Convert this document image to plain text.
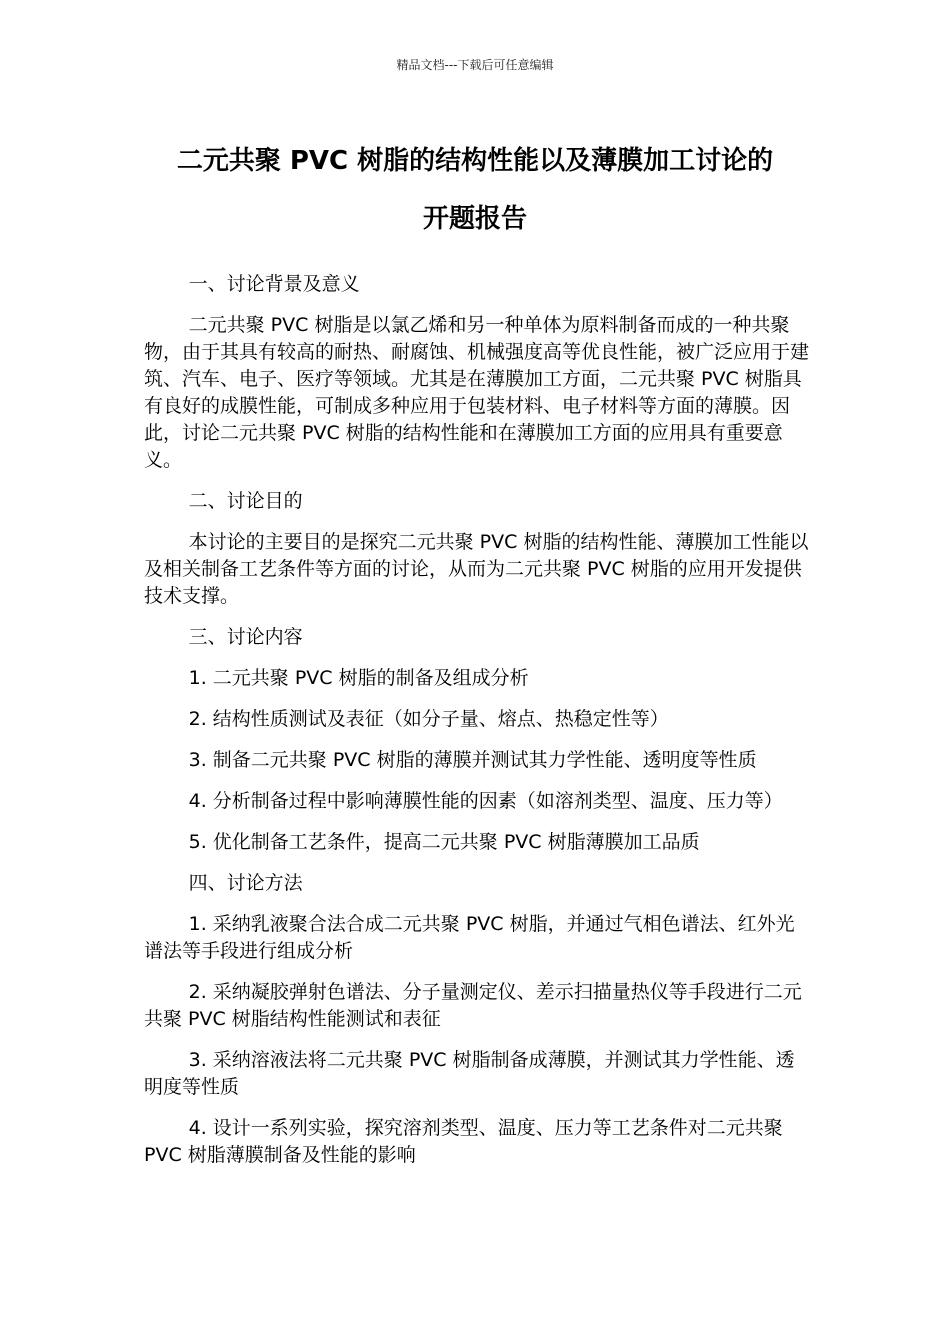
精品文档---下载后可任意编辑
二元共聚 PVC 树脂的结构性能以及薄膜加工讨论的
开题报告

一、讨论背景及意义

二元共聚 PVC 树脂是以氯乙烯和另一种单体为原料制备而成的一种共聚物，由于其具有较高的耐热、耐腐蚀、机械强度高等优良性能，被广泛应用于建筑、汽车、电子、医疗等领域。尤其是在薄膜加工方面，二元共聚 PVC 树脂具有良好的成膜性能，可制成多种应用于包装材料、电子材料等方面的薄膜。因此，讨论二元共聚 PVC 树脂的结构性能和在薄膜加工方面的应用具有重要意义。

二、讨论目的

本讨论的主要目的是探究二元共聚 PVC 树脂的结构性能、薄膜加工性能以及相关制备工艺条件等方面的讨论，从而为二元共聚 PVC 树脂的应用开发提供技术支撑。

三、讨论内容

1. 二元共聚 PVC 树脂的制备及组成分析

2. 结构性质测试及表征（如分子量、熔点、热稳定性等）

3. 制备二元共聚 PVC 树脂的薄膜并测试其力学性能、透明度等性质

4. 分析制备过程中影响薄膜性能的因素（如溶剂类型、温度、压力等）

5. 优化制备工艺条件，提高二元共聚 PVC 树脂薄膜加工品质

四、讨论方法

1. 采纳乳液聚合法合成二元共聚 PVC 树脂，并通过气相色谱法、红外光谱法等手段进行组成分析

2. 采纳凝胶弹射色谱法、分子量测定仪、差示扫描量热仪等手段进行二元共聚 PVC 树脂结构性能测试和表征

3. 采纳溶液法将二元共聚 PVC 树脂制备成薄膜，并测试其力学性能、透明度等性质

4. 设计一系列实验，探究溶剂类型、温度、压力等工艺条件对二元共聚 PVC 树脂薄膜制备及性能的影响
